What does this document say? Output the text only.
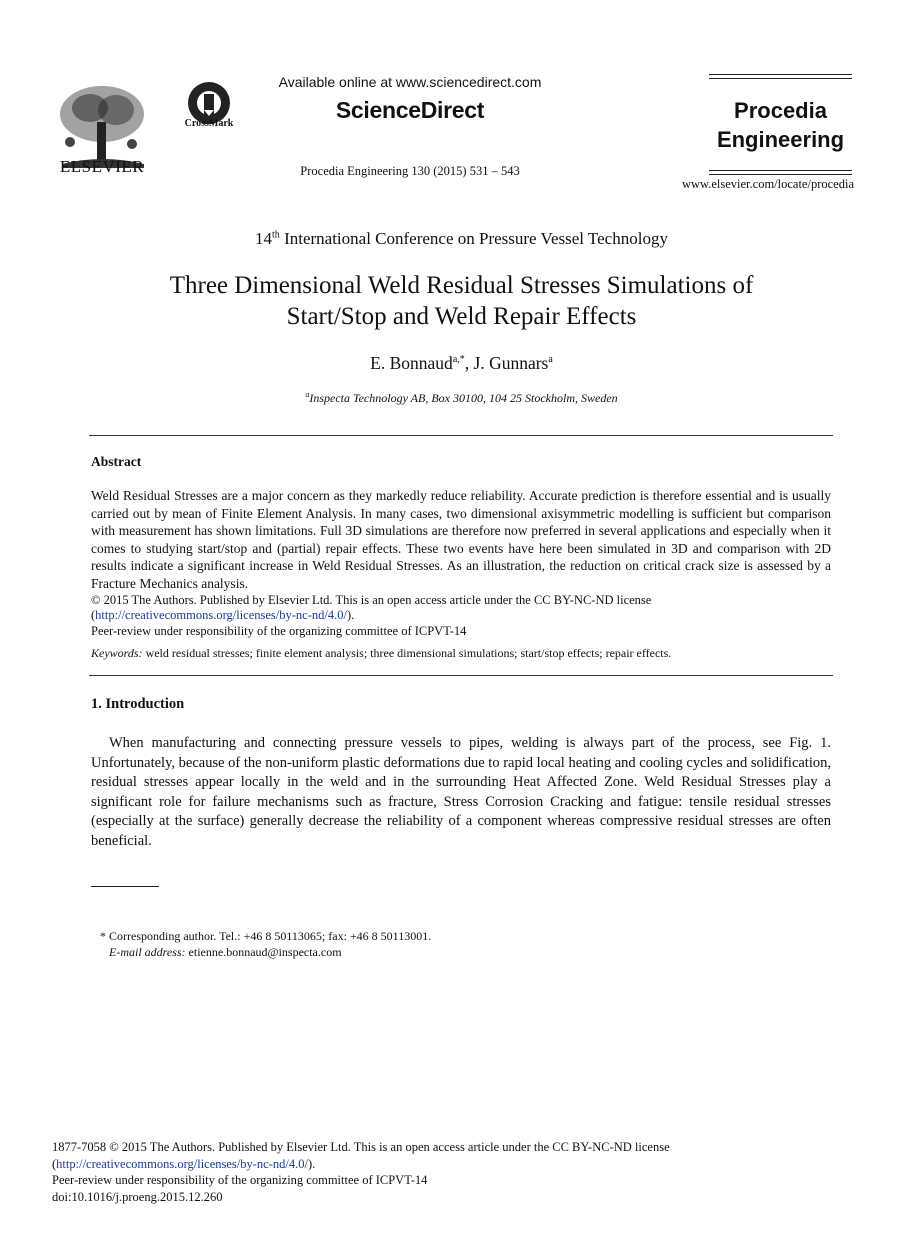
ELSEVIER
CrossMark
Available online at www.sciencedirect.com
ScienceDirect
Procedia Engineering 130 (2015) 531 – 543
Procedia
Engineering
www.elsevier.com/locate/procedia
14th International Conference on Pressure Vessel Technology
Three Dimensional Weld Residual Stresses Simulations of
Start/Stop and Weld Repair Effects
E. Bonnaud$^{a,*}$, J. Gunnars$^a$
$^a$Inspecta Technology AB, Box 30100, 104 25 Stockholm, Sweden
Abstract
Weld Residual Stresses are a major concern as they markedly reduce reliability. Accurate prediction is therefore essential and is usually carried out by mean of Finite Element Analysis. In many cases, two dimensional axisymmetric modelling is sufficient but comparison with measurement has shown limitations. Full 3D simulations are therefore now preferred in several applications and especially when it comes to studying start/stop and (partial) repair effects. These two events have here been simulated in 3D and comparison with 2D results indicate a significant increase in Weld Residual Stresses. As an illustration, the reduction on critical crack size is assessed by a Fracture Mechanics analysis.
© 2015 The Authors. Published by Elsevier Ltd. This is an open access article under the CC BY-NC-ND license
(http://creativecommons.org/licenses/by-nc-nd/4.0/).
Peer-review under responsibility of the organizing committee of ICPVT-14
Keywords: weld residual stresses; finite element analysis; three dimensional simulations; start/stop effects; repair effects.
1. Introduction
When manufacturing and connecting pressure vessels to pipes, welding is always part of the process, see Fig. 1. Unfortunately, because of the non-uniform plastic deformations due to rapid local heating and cooling cycles and solidification, residual stresses appear locally in the weld and in the surrounding Heat Affected Zone. Weld Residual Stresses play a significant role for failure mechanisms such as fracture, Stress Corrosion Cracking and fatigue: tensile residual stresses (especially at the surface) generally decrease the reliability of a component whereas compressive residual stresses are often beneficial.
* Corresponding author. Tel.: +46 8 50113065; fax: +46 8 50113001.
E-mail address: etienne.bonnaud@inspecta.com
1877-7058 © 2015 The Authors. Published by Elsevier Ltd. This is an open access article under the CC BY-NC-ND license
(http://creativecommons.org/licenses/by-nc-nd/4.0/).
Peer-review under responsibility of the organizing committee of ICPVT-14
doi:10.1016/j.proeng.2015.12.260
